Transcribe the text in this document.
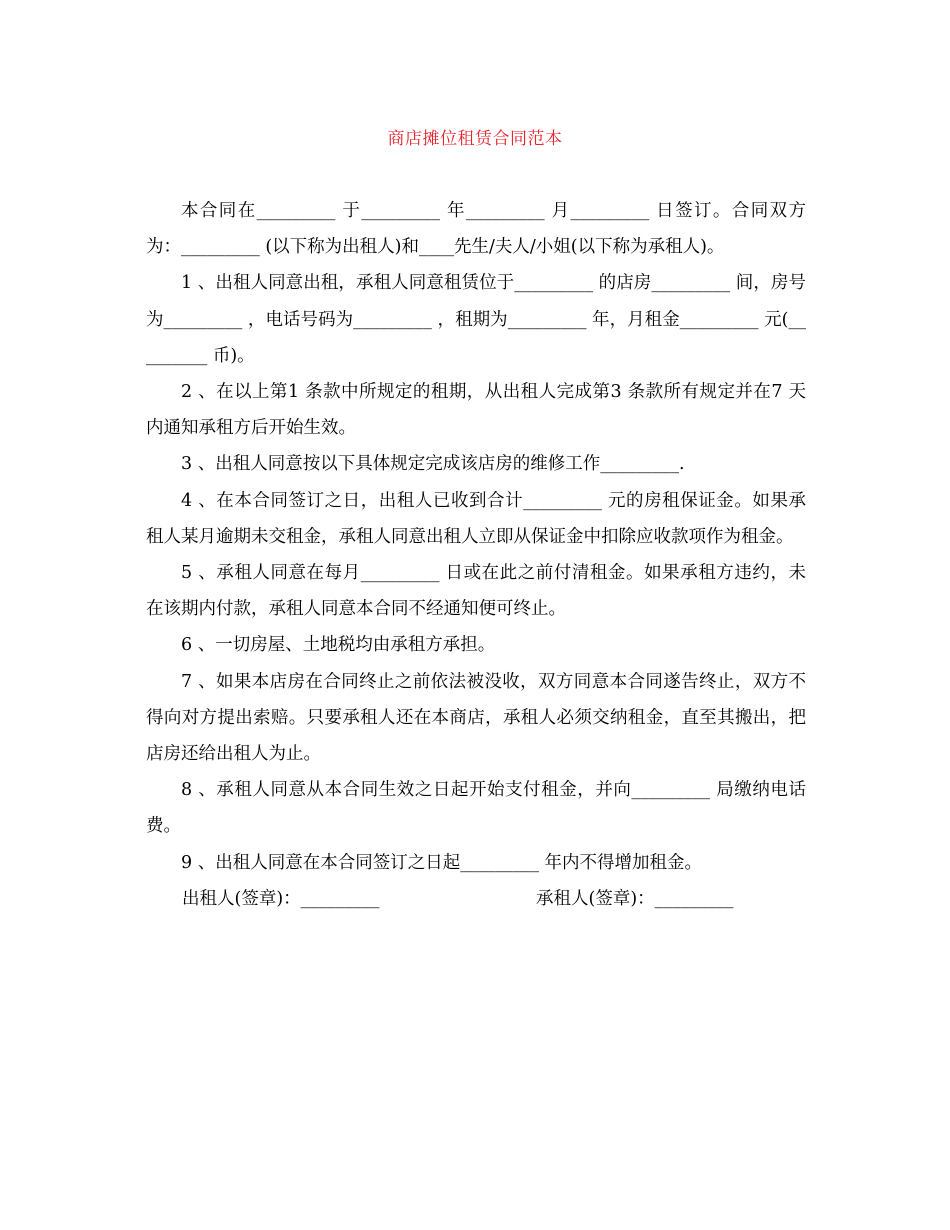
商店摊位租赁合同范本

本合同在_________ 于_________ 年_________ 月_________ 日签订。合同双方为：_________ (以下称为出租人)和____先生/夫人/小姐(以下称为承租人)。

1 、出租人同意出租，承租人同意租赁位于_________ 的店房_________ 间，房号为_________ ，电话号码为_________ ，租期为_________ 年，月租金_________ 元(_________ 币)。

2 、在以上第1 条款中所规定的租期，从出租人完成第3 条款所有规定并在7 天内通知承租方后开始生效。

3 、出租人同意按以下具体规定完成该店房的维修工作_________.

4 、在本合同签订之日，出租人已收到合计_________ 元的房租保证金。如果承租人某月逾期未交租金，承租人同意出租人立即从保证金中扣除应收款项作为租金。

5 、承租人同意在每月_________ 日或在此之前付清租金。如果承租方违约，未在该期内付款，承租人同意本合同不经通知便可终止。

6 、一切房屋、土地税均由承租方承担。

7 、如果本店房在合同终止之前依法被没收，双方同意本合同遂告终止，双方不得向对方提出索赔。只要承租人还在本商店，承租人必须交纳租金，直至其搬出，把店房还给出租人为止。

8 、承租人同意从本合同生效之日起开始支付租金，并向_________ 局缴纳电话费。

9 、出租人同意在本合同签订之日起_________ 年内不得增加租金。

出租人(签章)：_________	承租人(签章)：_________
